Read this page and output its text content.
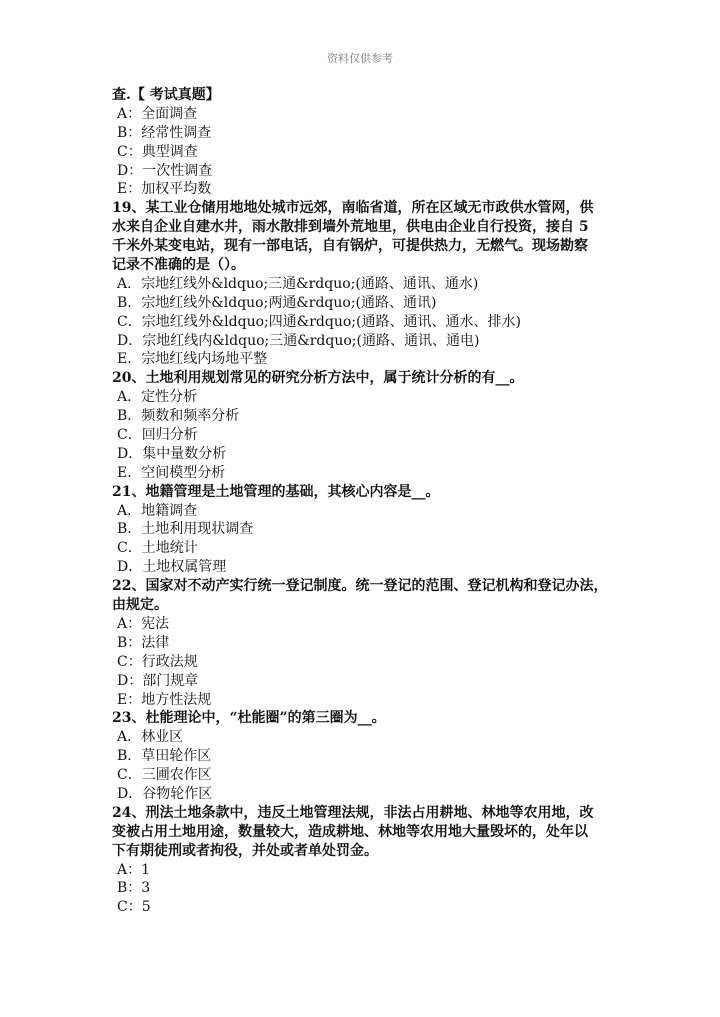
资料仅供参考
查.【 考试真题】
A：全面调查
B：经常性调查
C：典型调查
D：一次性调查
E：加权平均数
19、某工业仓储用地地处城市远郊，南临省道，所在区域无市政供水管网，供
水来自企业自建水井，雨水散排到墙外荒地里，供电由企业自行投资，接自 5
千米外某变电站，现有一部电话，自有锅炉，可提供热力，无燃气。现场勘察
记录不准确的是（）。
A．宗地红线外&ldquo;三通&rdquo;(通路、通讯、通水)
B．宗地红线外&ldquo;两通&rdquo;(通路、通讯)
C．宗地红线外&ldquo;四通&rdquo;(通路、通讯、通水、排水)
D．宗地红线内&ldquo;三通&rdquo;(通路、通讯、通电)
E．宗地红线内场地平整
20、土地利用规划常见的研究分析方法中，属于统计分析的有__。
A．定性分析
B．频数和频率分析
C．回归分析
D．集中量数分析
E．空间模型分析
21、地籍管理是土地管理的基础，其核心内容是__。
A．地籍调查
B．土地利用现状调查
C．土地统计
D．土地权属管理
22、国家对不动产实行统一登记制度。统一登记的范围、登记机构和登记办法，
由规定。
A：宪法
B：法律
C：行政法规
D：部门规章
E：地方性法规
23、杜能理论中，“杜能圈”的第三圈为__。
A．林业区
B．草田轮作区
C．三圃农作区
D．谷物轮作区
24、刑法土地条款中，违反土地管理法规，非法占用耕地、林地等农用地，改
变被占用土地用途，数量较大，造成耕地、林地等农用地大量毁坏的，处年以
下有期徒刑或者拘役，并处或者单处罚金。
A：1
B：3
C：5
